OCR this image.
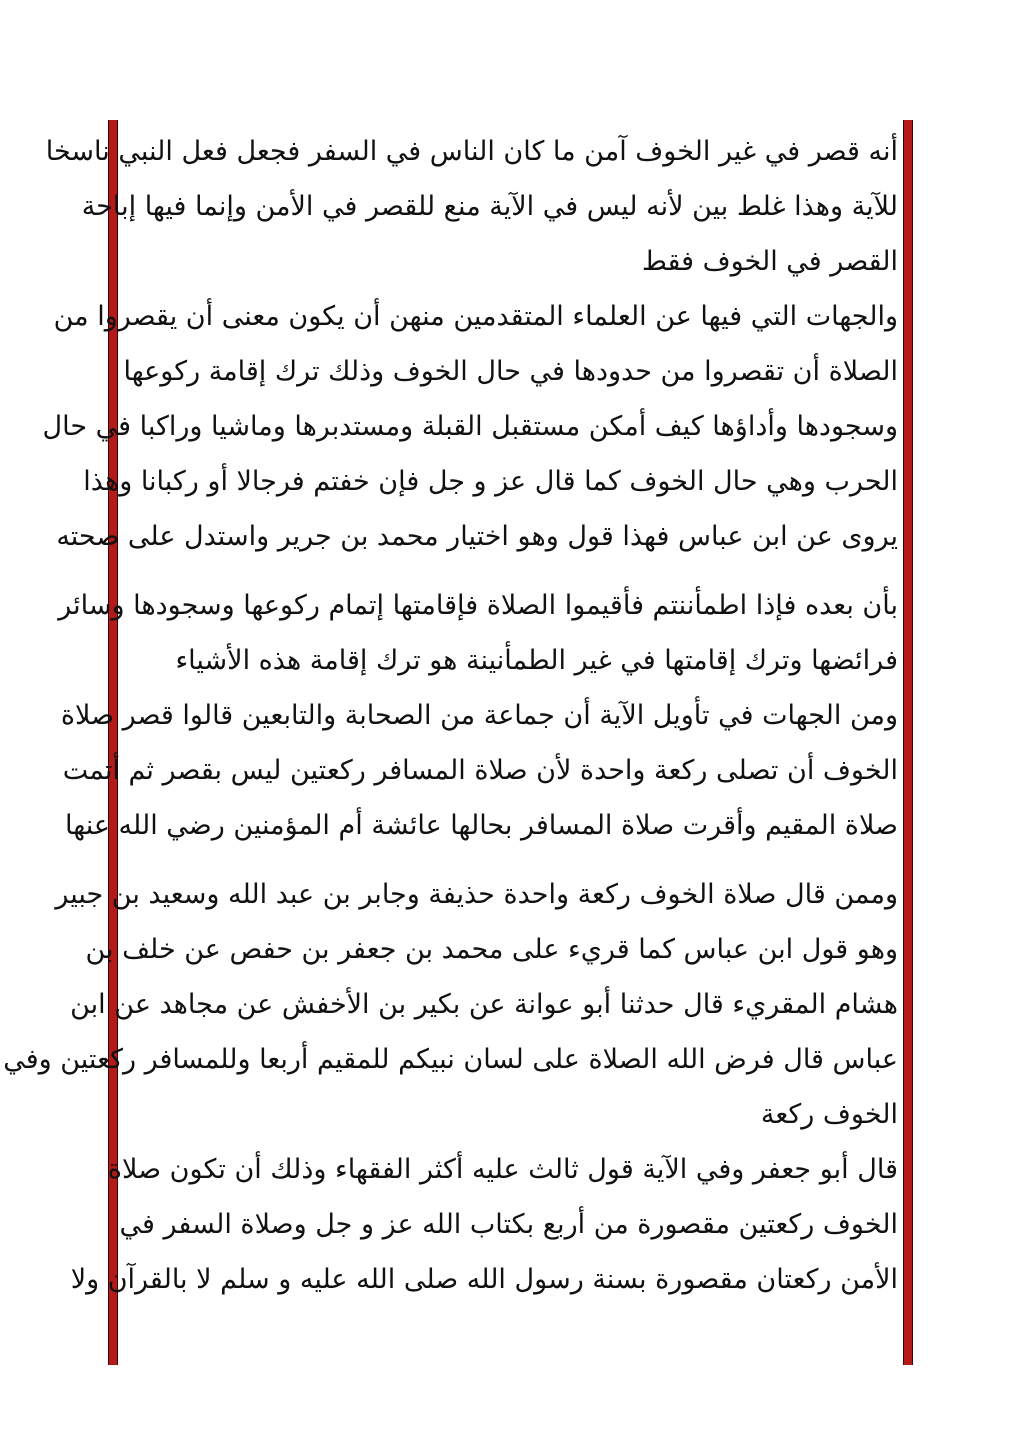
أنه قصر في غير الخوف آمن ما كان الناس في السفر فجعل فعل النبي ناسخا
للآية وهذا غلط بين لأنه ليس في الآية منع للقصر في الأمن وإنما فيها إباحة
القصر في الخوف فقط
والجهات التي فيها عن العلماء المتقدمين منهن أن يكون معنى أن يقصروا من
الصلاة أن تقصروا من حدودها في حال الخوف وذلك ترك إقامة ركوعها
وسجودها وأداؤها كيف أمكن مستقبل القبلة ومستدبرها وماشيا وراكبا في حال
الحرب وهي حال الخوف كما قال عز و جل فإن خفتم فرجالا أو ركبانا وهذا
يروى عن ابن عباس فهذا قول وهو اختيار محمد بن جرير واستدل على صحته
بأن بعده فإذا اطمأننتم فأقيموا الصلاة فإقامتها إتمام ركوعها وسجودها وسائر
فرائضها وترك إقامتها في غير الطمأنينة هو ترك إقامة هذه الأشياء
ومن الجهات في تأويل الآية أن جماعة من الصحابة والتابعين قالوا قصر صلاة
الخوف أن تصلى ركعة واحدة لأن صلاة المسافر ركعتين ليس بقصر ثم أتمت
صلاة المقيم وأقرت صلاة المسافر بحالها عائشة أم المؤمنين رضي الله عنها
وممن قال صلاة الخوف ركعة واحدة حذيفة وجابر بن عبد الله وسعيد بن جبير
وهو قول ابن عباس كما قريء على محمد بن جعفر بن حفص عن خلف بن
هشام المقريء قال حدثنا أبو عوانة عن بكير بن الأخفش عن مجاهد عن ابن
عباس قال فرض الله الصلاة على لسان نبيكم للمقيم أربعا وللمسافر ركعتين وفي
الخوف ركعة
قال أبو جعفر وفي الآية قول ثالث عليه أكثر الفقهاء وذلك أن تكون صلاة
الخوف ركعتين مقصورة من أربع بكتاب الله عز و جل وصلاة السفر في
الأمن ركعتان مقصورة بسنة رسول الله صلى الله عليه و سلم لا بالقرآن ولا
